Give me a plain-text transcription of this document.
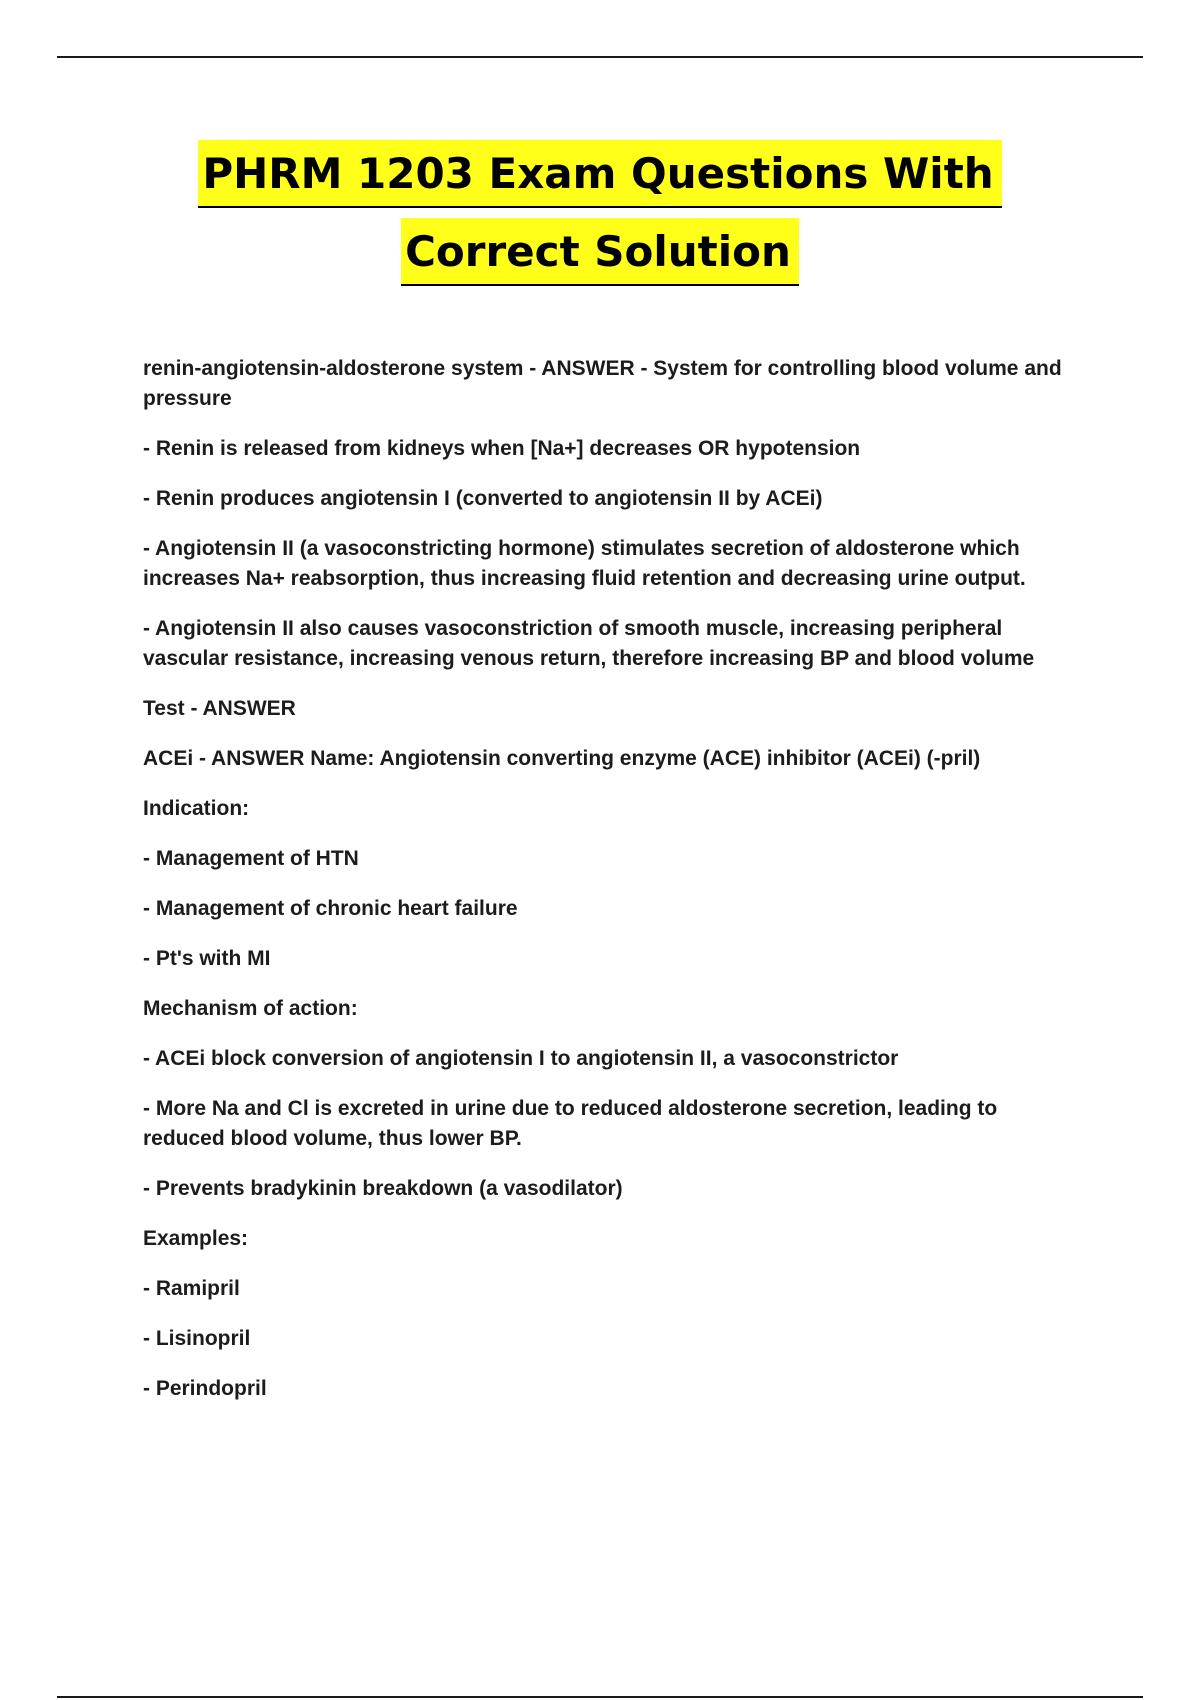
PHRM 1203 Exam Questions With
Correct Solution

renin-angiotensin-aldosterone system - ANSWER - System for controlling blood volume and pressure

- Renin is released from kidneys when [Na+] decreases OR hypotension

- Renin produces angiotensin I (converted to angiotensin II by ACEi)

- Angiotensin II (a vasoconstricting hormone) stimulates secretion of aldosterone which increases Na+ reabsorption, thus increasing fluid retention and decreasing urine output.

- Angiotensin II also causes vasoconstriction of smooth muscle, increasing peripheral vascular resistance, increasing venous return, therefore increasing BP and blood volume

Test - ANSWER

ACEi - ANSWER Name: Angiotensin converting enzyme (ACE) inhibitor (ACEi) (-pril)

Indication:

- Management of HTN

- Management of chronic heart failure

- Pt's with MI

Mechanism of action:

- ACEi block conversion of angiotensin I to angiotensin II, a vasoconstrictor

- More Na and Cl is excreted in urine due to reduced aldosterone secretion, leading to reduced blood volume, thus lower BP.

- Prevents bradykinin breakdown (a vasodilator)

Examples:

- Ramipril

- Lisinopril

- Perindopril
